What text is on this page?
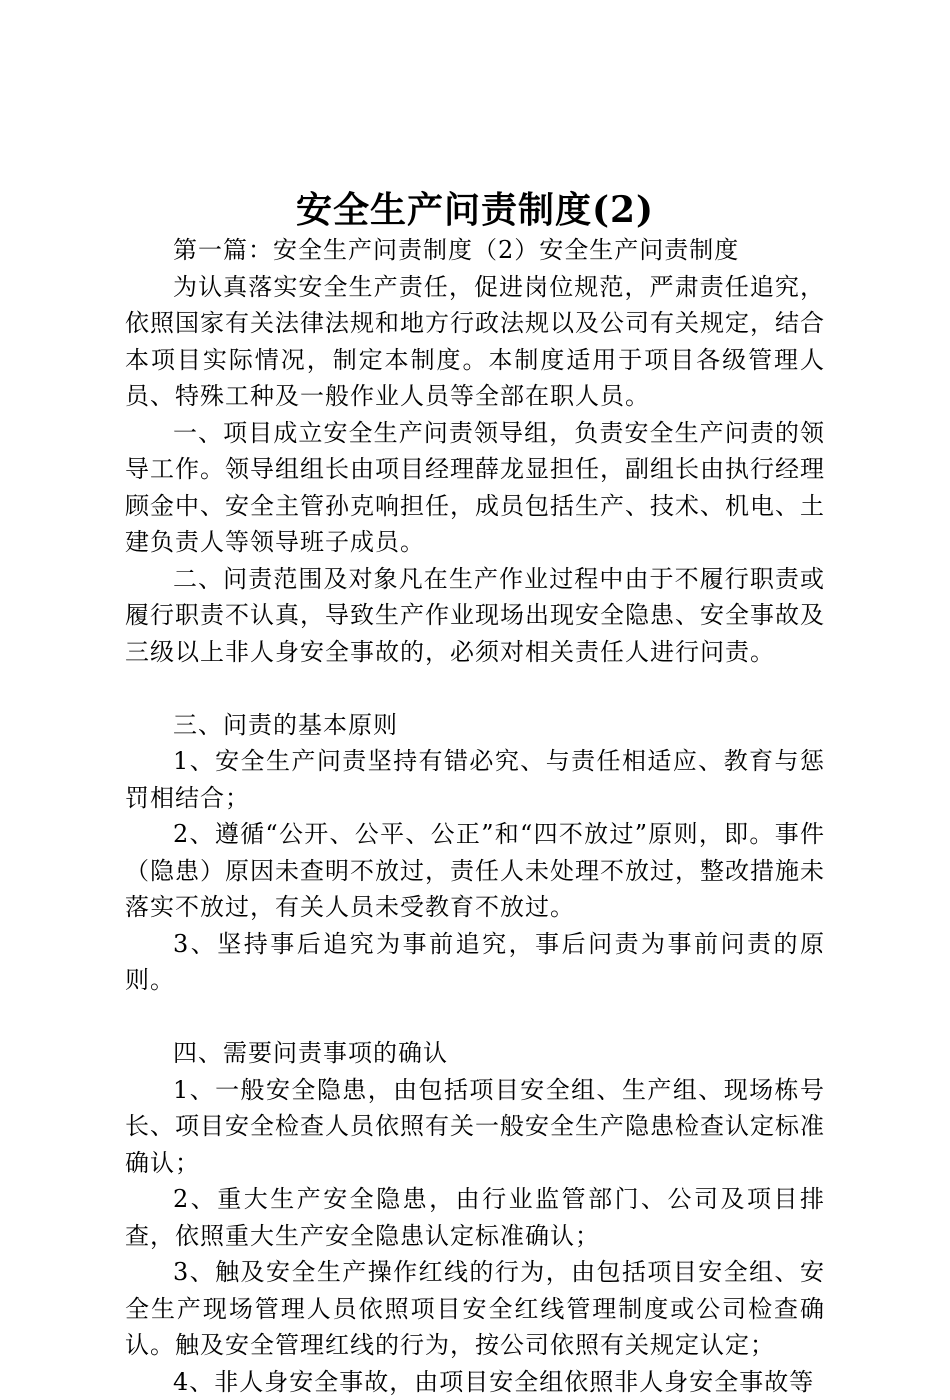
安全生产问责制度(2)

第一篇：安全生产问责制度（2）安全生产问责制度

为认真落实安全生产责任，促进岗位规范，严肃责任追究，依照国家有关法律法规和地方行政法规以及公司有关规定，结合本项目实际情况，制定本制度。本制度适用于项目各级管理人员、特殊工种及一般作业人员等全部在职人员。

一、项目成立安全生产问责领导组，负责安全生产问责的领导工作。领导组组长由项目经理薛龙显担任，副组长由执行经理顾金中、安全主管孙克响担任，成员包括生产、技术、机电、土建负责人等领导班子成员。

二、问责范围及对象凡在生产作业过程中由于不履行职责或履行职责不认真，导致生产作业现场出现安全隐患、安全事故及三级以上非人身安全事故的，必须对相关责任人进行问责。

三、问责的基本原则

1、安全生产问责坚持有错必究、与责任相适应、教育与惩罚相结合；

2、遵循“公开、公平、公正”和“四不放过”原则，即。事件（隐患）原因未查明不放过，责任人未处理不放过，整改措施未落实不放过，有关人员未受教育不放过。

3、坚持事后追究为事前追究，事后问责为事前问责的原则。

四、需要问责事项的确认

1、一般安全隐患，由包括项目安全组、生产组、现场栋号长、项目安全检查人员依照有关一般安全生产隐患检查认定标准确认；

2、重大生产安全隐患，由行业监管部门、公司及项目排查，依照重大生产安全隐患认定标准确认；

3、触及安全生产操作红线的行为，由包括项目安全组、安全生产现场管理人员依照项目安全红线管理制度或公司检查确认。触及安全管理红线的行为，按公司依照有关规定认定；

4、非人身安全事故，由项目安全组依照非人身安全事故等
